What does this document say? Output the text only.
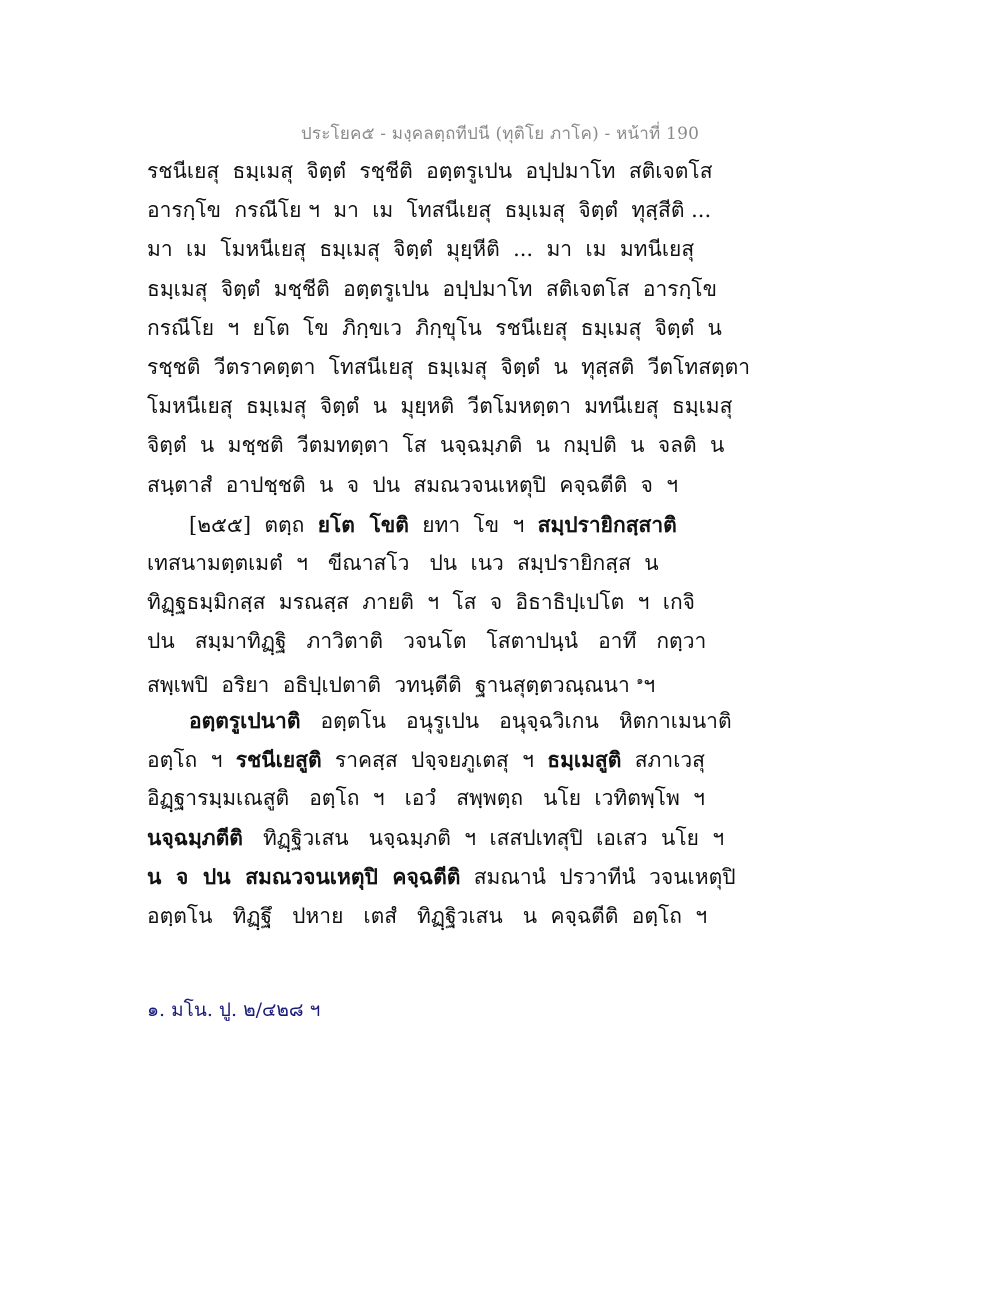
ประโยค๕ - มงฺคลตฺถทีปนี (ทุติโย ภาโค) - หน้าที่ 190
รชนีเยสุ  ธมฺเมสุ  จิตฺตํ  รชฺชีติ  อตฺตรูเปน  อปฺปมาโท  สติเจตโส
อารกฺโข  กรณีโย ฯ  มา  เม  โทสนีเยสุ  ธมฺเมสุ  จิตฺตํ  ทุสฺสีติ ...
มา  เม  โมหนีเยสุ  ธมฺเมสุ  จิตฺตํ  มุยฺหีติ  ...  มา  เม  มทนีเยสุ
ธมฺเมสุ  จิตฺตํ  มชฺชีติ  อตฺตรูเปน  อปฺปมาโท  สติเจตโส  อารกฺโข
กรณีโย  ฯ  ยโต  โข  ภิกฺขเว  ภิกฺขุโน  รชนีเยสุ  ธมฺเมสุ  จิตฺตํ  น
รชฺชติ  วีตราคตฺตา  โทสนีเยสุ  ธมฺเมสุ  จิตฺตํ  น  ทุสฺสติ  วีตโทสตฺตา
โมหนีเยสุ  ธมฺเมสุ  จิตฺตํ  น  มุยฺหติ  วีตโมหตฺตา  มทนีเยสุ  ธมฺเมสุ
จิตฺตํ  น  มชฺชติ  วีตมทตฺตา  โส  นจฺฉมฺภติ  น  กมฺปติ  น  จลติ  น
สนฺตาสํ  อาปชฺชติ  น  จ  ปน  สมณวจนเหตุปิ  คจฺฉตีติ  จ  ฯ
[๒๕๕]  ตตฺถ  ยโต  โขติ  ยทา  โข  ฯ  สมฺปรายิกสฺสาติ
เทสนามตฺตเมตํ  ฯ   ขีณาสโว   ปน  เนว  สมฺปรายิกสฺส  น
ทิฏฺฐธมฺมิกสฺส  มรณสฺส  ภายติ  ฯ  โส  จ  อิธาธิปฺเปโต  ฯ  เกจิ
ปน   สมฺมาทิฏฺฐิ   ภาวิตาติ   วจนโต   โสตาปนฺนํ   อาทึ   กตฺวา
สพฺเพปิ  อริยา  อธิปฺเปตาติ  วทนฺตีติ  ฐานสุตฺตวณฺณนา $^๑$ฯ
อตฺตรูเปนาติ   อตฺตโน   อนุรูเปน   อนุจฺฉวิเกน   หิตกาเมนาติ
อตฺโถ  ฯ  รชนีเยสูติ  ราคสฺส  ปจฺจยภูเตสุ  ฯ  ธมฺเมสูติ  สภาเวสุ
อิฏฺฐารมฺมเณสูติ   อตฺโถ  ฯ   เอวํ   สพฺพตฺถ   นโย  เวทิตพฺโพ  ฯ
นจฺฉมฺภตีติ   ทิฏฺฐิวเสน   นจฺฉมฺภติ  ฯ  เสสปเทสุปิ  เอเสว  นโย  ฯ
น  จ  ปน  สมณวจนเหตุปิ  คจฺฉตีติ  สมณานํ  ปรวาทีนํ  วจนเหตุปิ
อตฺตโน   ทิฏฺฐึ   ปหาย   เตสํ   ทิฏฺฐิวเสน   น  คจฺฉตีติ  อตฺโถ  ฯ
๑. มโน. ปู. ๒/๔๒๘ ฯ
